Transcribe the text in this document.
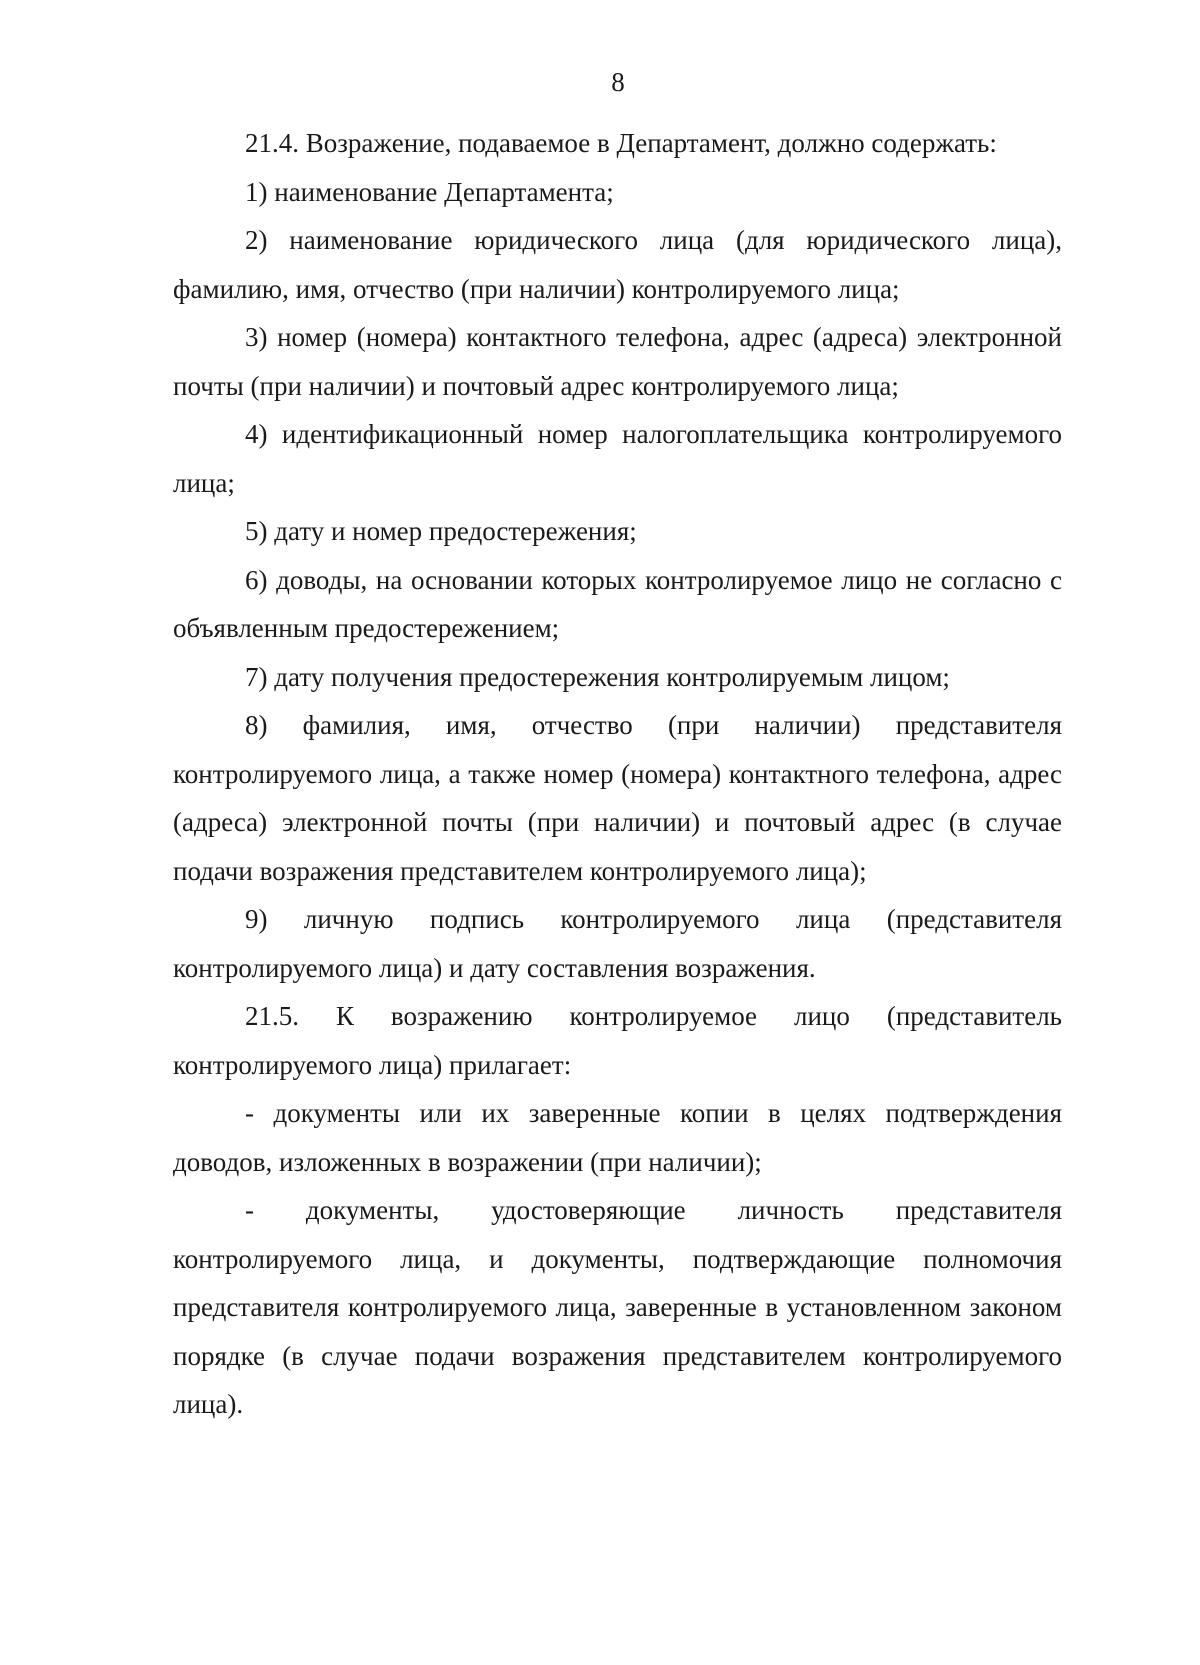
8

21.4. Возражение, подаваемое в Департамент, должно содержать:

1) наименование Департамента;

2) наименование юридического лица (для юридического лица), фамилию, имя, отчество (при наличии) контролируемого лица;

3) номер (номера) контактного телефона, адрес (адреса) электронной почты (при наличии) и почтовый адрес контролируемого лица;

4) идентификационный номер налогоплательщика контролируемого лица;

5) дату и номер предостережения;

6) доводы, на основании которых контролируемое лицо не согласно с объявленным предостережением;

7) дату получения предостережения контролируемым лицом;

8) фамилия, имя, отчество (при наличии) представителя контролируемого лица, а также номер (номера) контактного телефона, адрес (адреса) электронной почты (при наличии) и почтовый адрес (в случае подачи возражения представителем контролируемого лица);

9) личную подпись контролируемого лица (представителя контролируемого лица) и дату составления возражения.

21.5. К возражению контролируемое лицо (представитель контролируемого лица) прилагает:

- документы или их заверенные копии в целях подтверждения доводов, изложенных в возражении (при наличии);

- документы, удостоверяющие личность представителя контролируемого лица, и документы, подтверждающие полномочия представителя контролируемого лица, заверенные в установленном законом порядке (в случае подачи возражения представителем контролируемого лица).
